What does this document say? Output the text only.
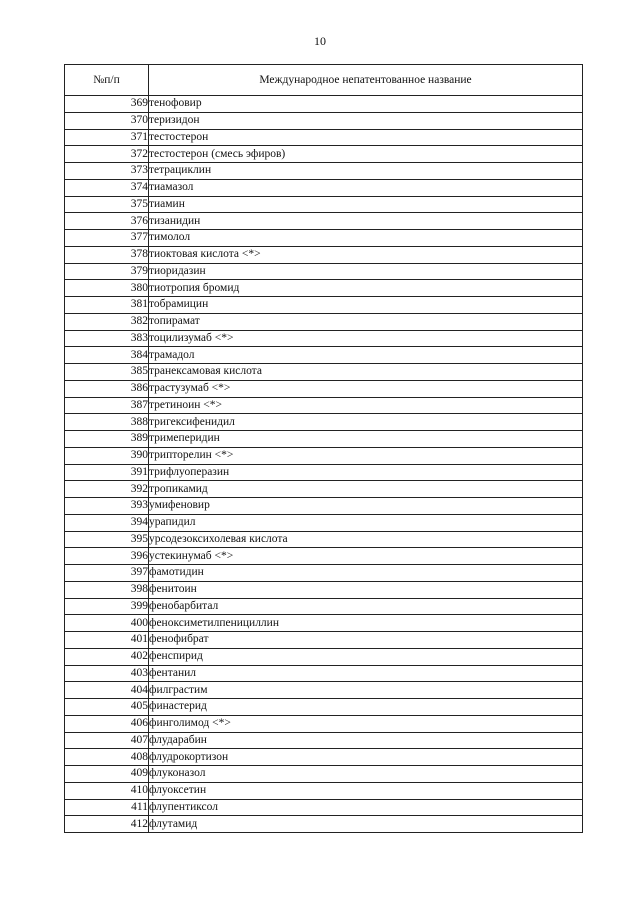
10
№п/п	Международное непатентованное название
369	тенофовир
370	теризидон
371	тестостерон
372	тестостерон (смесь эфиров)
373	тетрациклин
374	тиамазол
375	тиамин
376	тизанидин
377	тимолол
378	тиоктовая кислота <*>
379	тиоридазин
380	тиотропия бромид
381	тобрамицин
382	топирамат
383	тоцилизумаб <*>
384	трамадол
385	транексамовая кислота
386	трастузумаб <*>
387	третиноин <*>
388	тригексифенидил
389	тримеперидин
390	трипторелин <*>
391	трифлуоперазин
392	тропикамид
393	умифеновир
394	урапидил
395	урсодезоксихолевая кислота
396	устекинумаб <*>
397	фамотидин
398	фенитоин
399	фенобарбитал
400	феноксиметилпенициллин
401	фенофибрат
402	фенспирид
403	фентанил
404	филграстим
405	финастерид
406	финголимод <*>
407	флударабин
408	флудрокортизон
409	флуконазол
410	флуоксетин
411	флупентиксол
412	флутамид
